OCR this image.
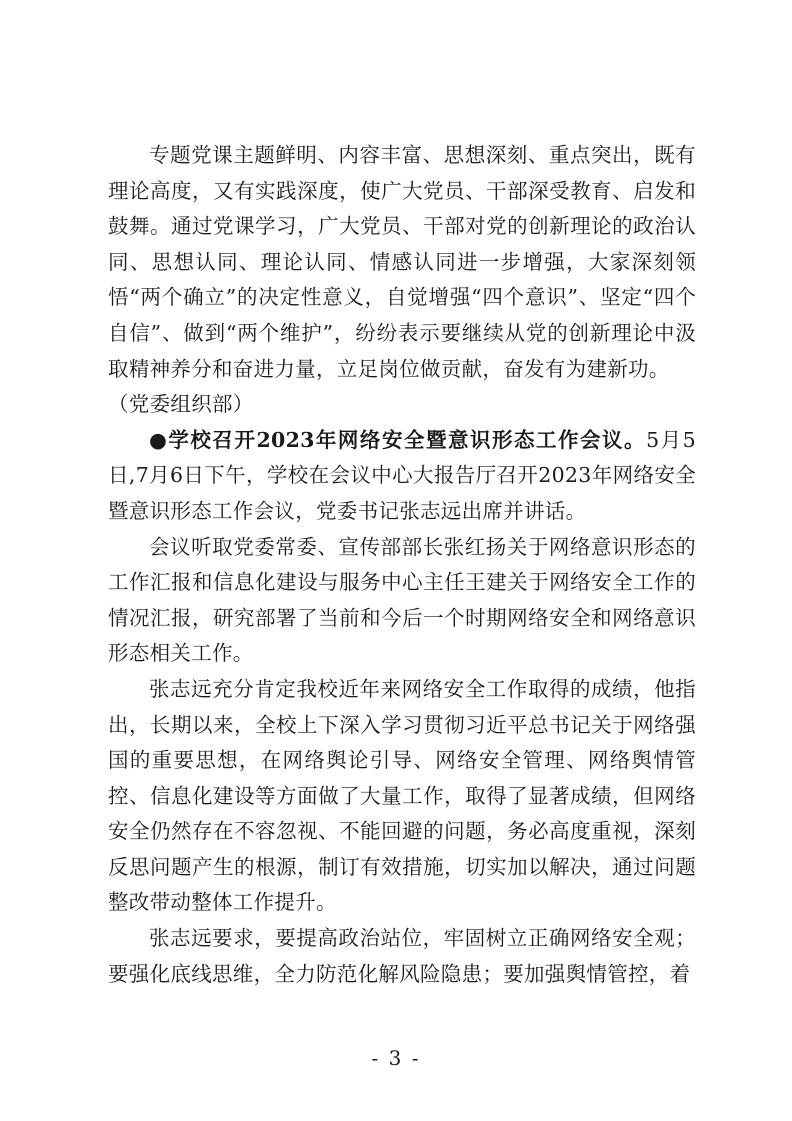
专题党课主题鲜明、内容丰富、思想深刻、重点突出，既有理论高度，又有实践深度，使广大党员、干部深受教育、启发和鼓舞。通过党课学习，广大党员、干部对党的创新理论的政治认同、思想认同、理论认同、情感认同进一步增强，大家深刻领悟“两个确立”的决定性意义，自觉增强“四个意识”、坚定“四个自信”、做到“两个维护”，纷纷表示要继续从党的创新理论中汲取精神养分和奋进力量，立足岗位做贡献，奋发有为建新功。

（党委组织部）

●学校召开2023年网络安全暨意识形态工作会议。5月5日,7月6日下午，学校在会议中心大报告厅召开2023年网络安全暨意识形态工作会议，党委书记张志远出席并讲话。

会议听取党委常委、宣传部部长张红扬关于网络意识形态的工作汇报和信息化建设与服务中心主任王建关于网络安全工作的情况汇报，研究部署了当前和今后一个时期网络安全和网络意识形态相关工作。

张志远充分肯定我校近年来网络安全工作取得的成绩，他指出，长期以来，全校上下深入学习贯彻习近平总书记关于网络强国的重要思想，在网络舆论引导、网络安全管理、网络舆情管控、信息化建设等方面做了大量工作，取得了显著成绩，但网络安全仍然存在不容忽视、不能回避的问题，务必高度重视，深刻反思问题产生的根源，制订有效措施，切实加以解决，通过问题整改带动整体工作提升。

张志远要求，要提高政治站位，牢固树立正确网络安全观；要强化底线思维，全力防范化解风险隐患；要加强舆情管控，着

- 3 -
